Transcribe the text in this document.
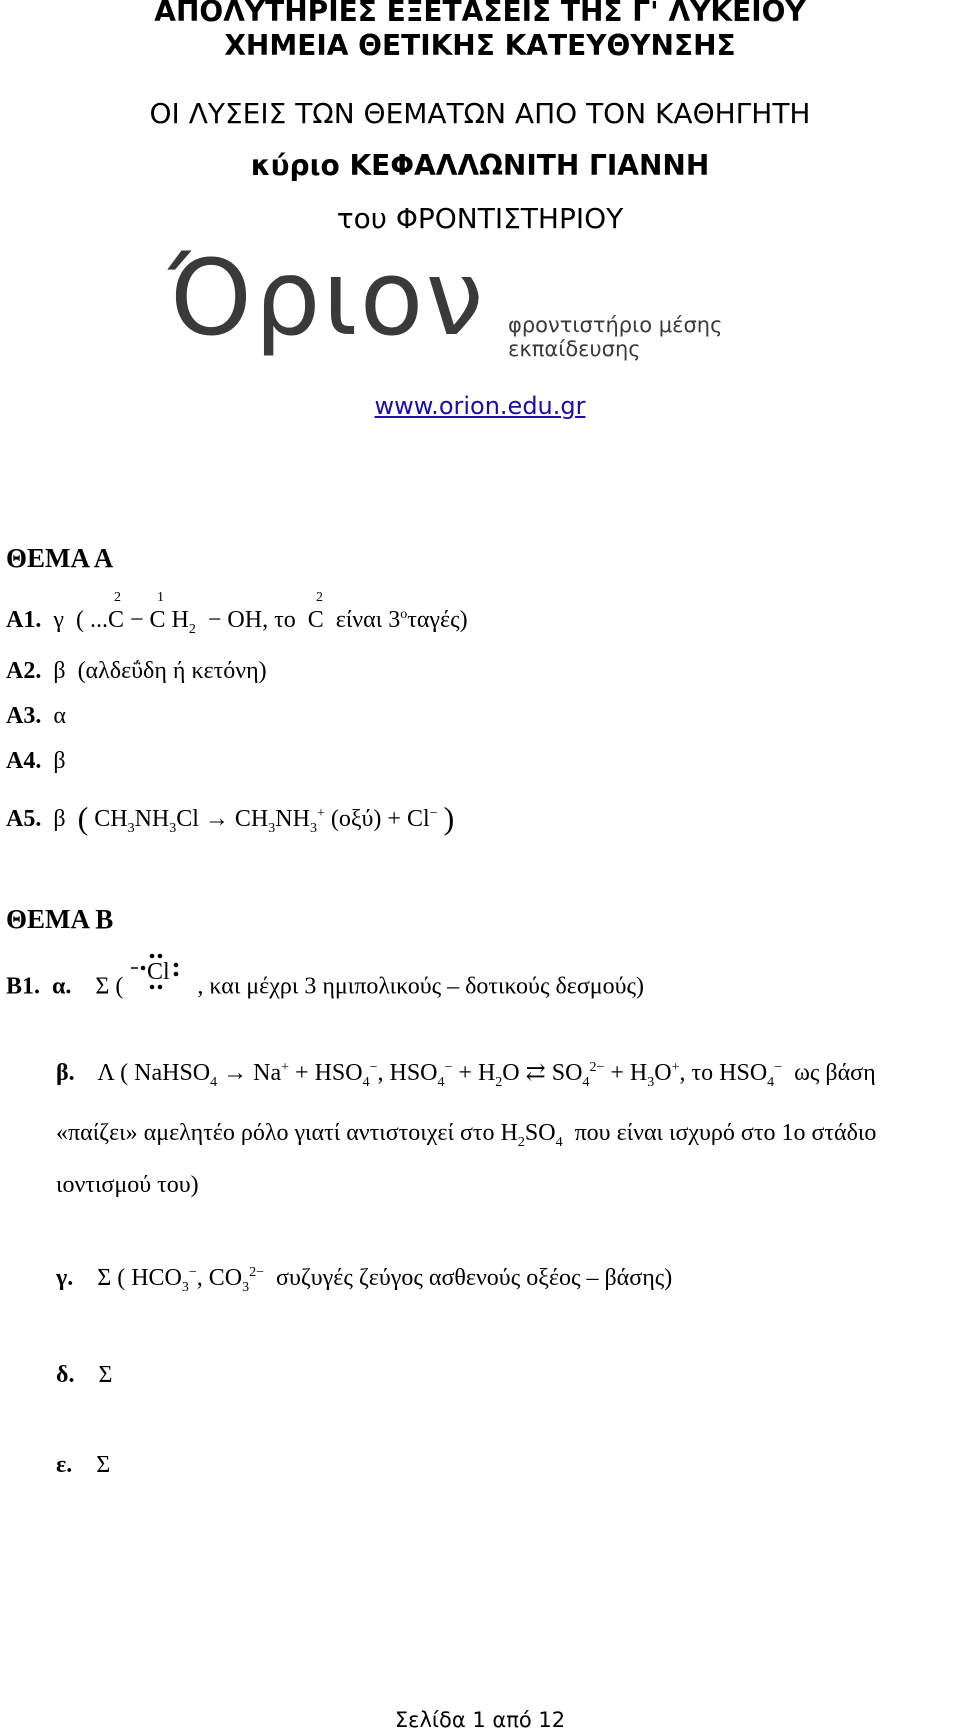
ΑΠΟΛΥΤΗΡΙΕΣ ΕΞΕΤΑΣΕΙΣ ΤΗΣ Γ' ΛΥΚΕΙΟΥ
ΧΗΜΕΙΑ ΘΕΤΙΚΗΣ ΚΑΤΕΥΘΥΝΣΗΣ
ΟΙ ΛΥΣΕΙΣ ΤΩΝ ΘΕΜΑΤΩΝ ΑΠΟ ΤΟΝ ΚΑΘΗΓΗΤΗ
κύριο ΚΕΦΑΛΛΩΝΙΤΗ ΓΙΑΝΝΗ
του ΦΡΟΝΤΙΣΤΗΡΙΟΥ
Όριον φροντιστήριο μέσης εκπαίδευσης
www.orion.edu.gr
ΘΕΜΑ Α
Α1. γ ( ...C − C $H_2$ − OH, το C είναι $3^o\tau\alpha\gamma έ\varsigma$)
2	1	2
Α2. β (αλδεΰδη ή κετόνη)
Α3. α
Α4. β
Α5. β ( $CH_3NH_3Cl \to CH_3NH_3^+$ (οξύ) + Cl− )
ΘΕΜΑ Β
Β1. α. Σ (
Cl
, και μέχρι 3 ημιπολικούς – δοτικούς δεσμούς)
β. Λ ( NaHSO$_4$ → $Na^+ + HSO_4^-$, $HSO_4^- + H_2O$ ⇄ $SO_4^{2-} + H_3O^+$, το $HSO_4^-$ ως βάση
«παίζει» αμελητέο ρόλο γιατί αντιστοιχεί στο $H_2SO_4$ που είναι ισχυρό στο 1ο στάδιο
ιοντισμού του)
γ. Σ ( $HCO_3^-$, $CO_3^{2-}$ συζυγές ζεύγος ασθενούς οξέος – βάσης)
δ. Σ
ε. Σ
Σελίδα 1 από 12
